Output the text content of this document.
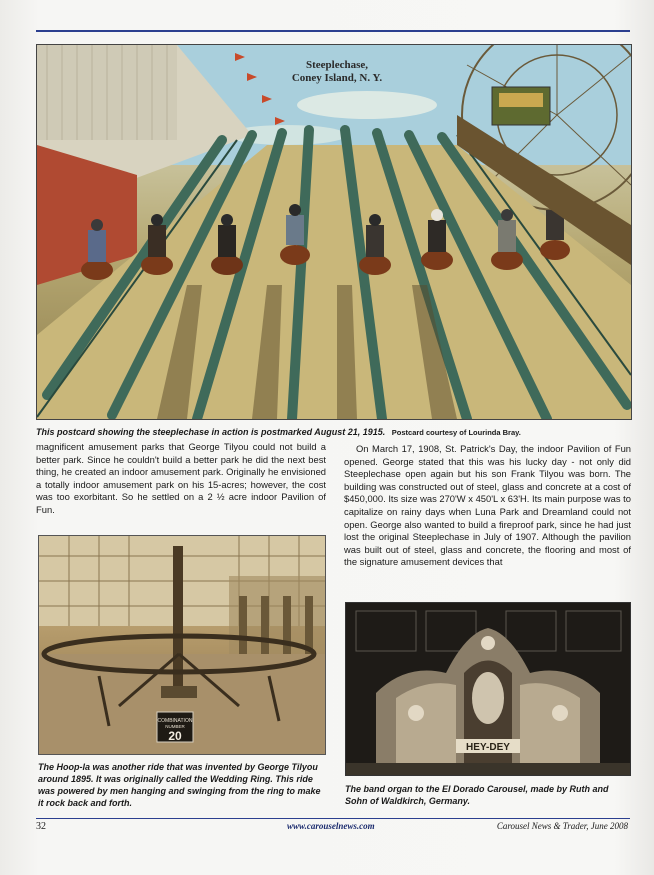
Steeplechase,
Coney Island, N. Y.
This postcard showing the steeplechase in action is postmarked August 21, 1915. Postcard courtesy of Lourinda Bray.

magnificent amusement parks that George Tilyou could not build a better park. Since he couldn't build a better park he did the next best thing, he created an indoor amusement park. Originally he envisioned a totally indoor amusement park on his 15-acres; however, the cost was too exorbitant. So he settled on a 2 ½ acre indoor Pavilion of Fun.

On March 17, 1908, St. Patrick's Day, the indoor Pavilion of Fun opened. George stated that this was his lucky day - not only did Steeplechase open again but his son Frank Tilyou was born. The building was constructed out of steel, glass and concrete at a cost of $450,000. Its size was 270'W x 450'L x 63'H. Its main purpose was to capitalize on rainy days when Luna Park and Dreamland could not open. George also wanted to build a fireproof park, since he had just lost the original Steeplechase in July of 1907. Although the pavilion was built out of steel, glass and concrete, the flooring and most of the signature amusement devices that

COMBINATION
NUMBER
20
The Hoop-la was another ride that was invented by George Tilyou around 1895. It was originally called the Wedding Ring. This ride was powered by men hanging and swinging from the ring to make it rock back and forth.
HEY-DEY
The band organ to the El Dorado Carousel, made by Ruth and Sohn of Waldkirch, Germany.
32	www.carouselnews.com	Carousel News & Trader, June 2008
